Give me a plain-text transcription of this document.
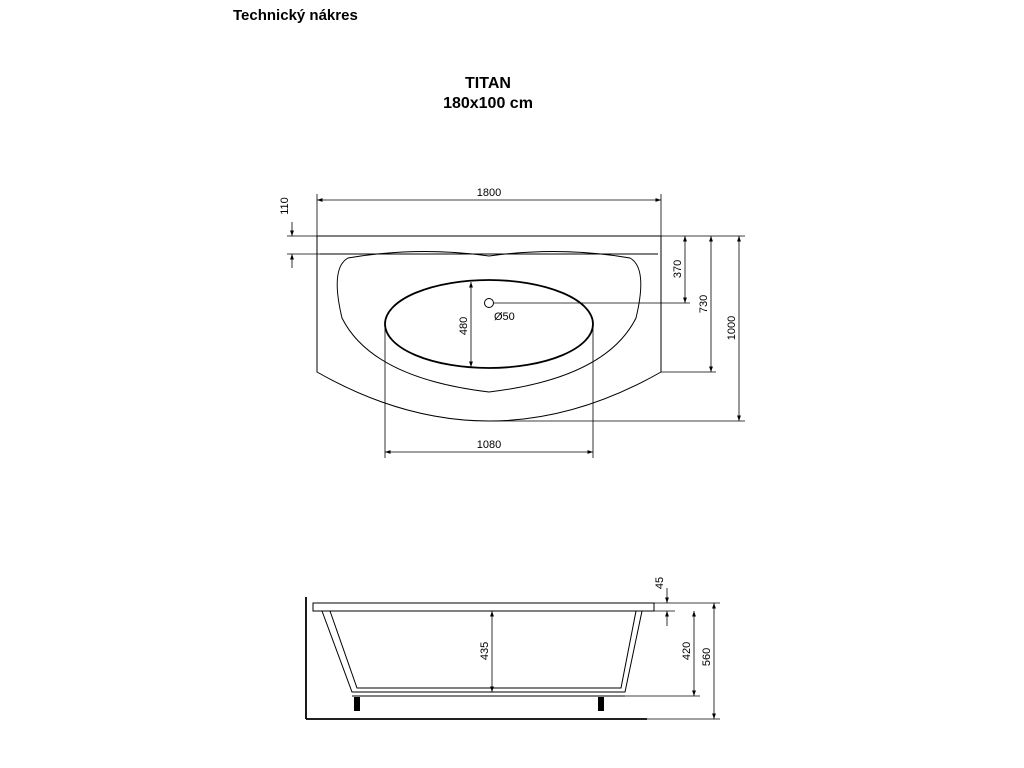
Technický nákres
TITAN
180x100 cm
1800
110
370
730
1000
480 Ø50
1080
45
435	420 560
